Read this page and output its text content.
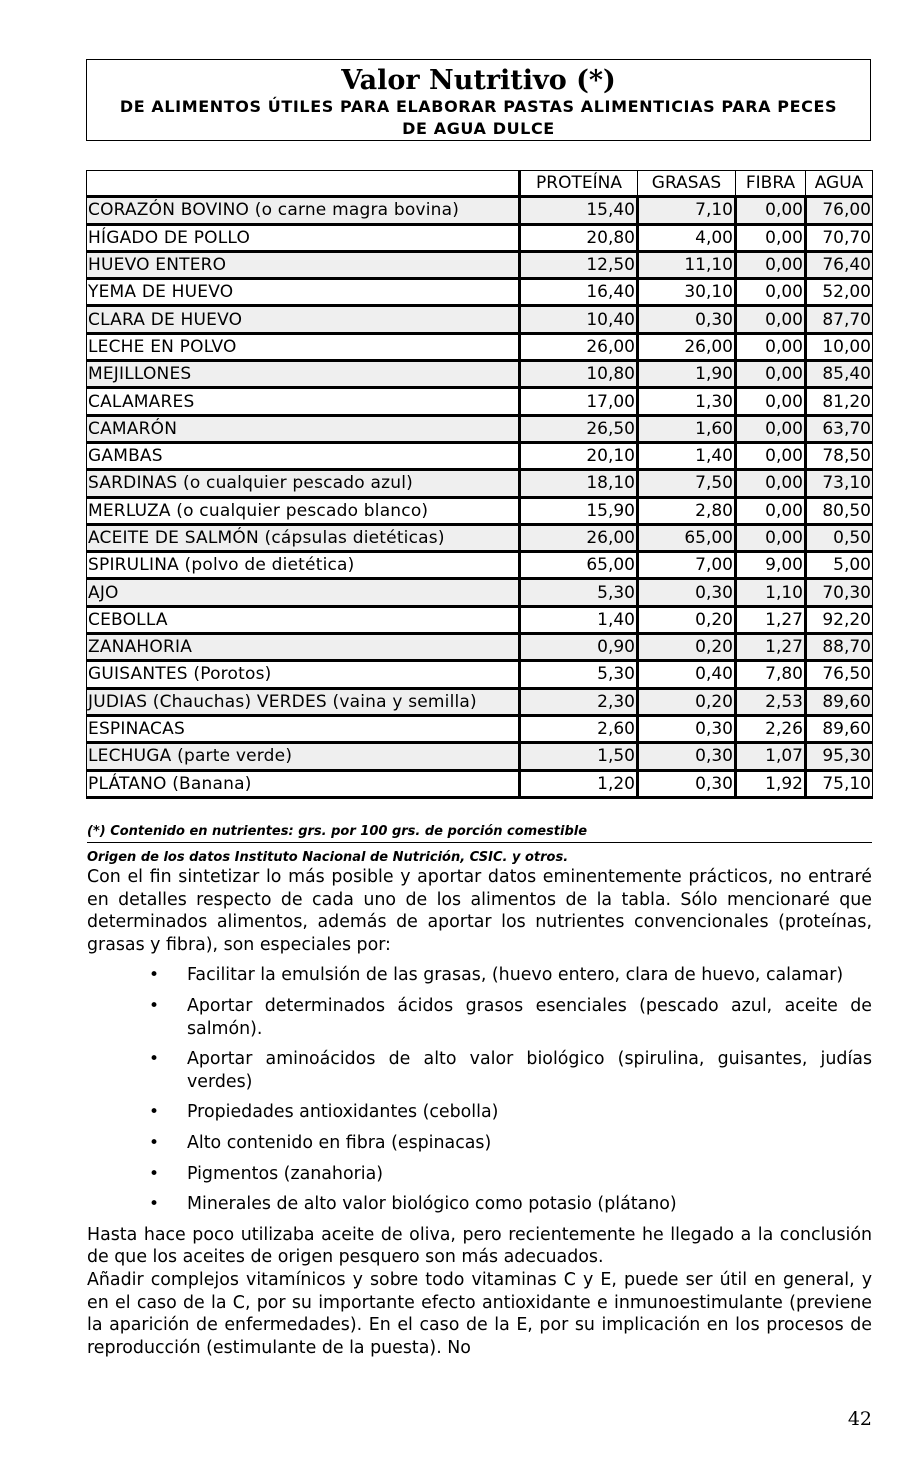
Valor Nutritivo (*)
DE ALIMENTOS ÚTILES PARA ELABORAR PASTAS ALIMENTICIAS PARA PECES DE AGUA DULCE
	PROTEÍNA	GRASAS	FIBRA	AGUA
CORAZÓN BOVINO (o carne magra bovina)	15,40	7,10	0,00	76,00
HÍGADO DE POLLO	20,80	4,00	0,00	70,70
HUEVO ENTERO	12,50	11,10	0,00	76,40
YEMA DE HUEVO	16,40	30,10	0,00	52,00
CLARA DE HUEVO	10,40	0,30	0,00	87,70
LECHE EN POLVO	26,00	26,00	0,00	10,00
MEJILLONES	10,80	1,90	0,00	85,40
CALAMARES	17,00	1,30	0,00	81,20
CAMARÓN	26,50	1,60	0,00	63,70
GAMBAS	20,10	1,40	0,00	78,50
SARDINAS (o cualquier pescado azul)	18,10	7,50	0,00	73,10
MERLUZA (o cualquier pescado blanco)	15,90	2,80	0,00	80,50
ACEITE DE SALMÓN (cápsulas dietéticas)	26,00	65,00	0,00	0,50
SPIRULINA (polvo de dietética)	65,00	7,00	9,00	5,00
AJO	5,30	0,30	1,10	70,30
CEBOLLA	1,40	0,20	1,27	92,20
ZANAHORIA	0,90	0,20	1,27	88,70
GUISANTES (Porotos)	5,30	0,40	7,80	76,50
JUDIAS (Chauchas) VERDES (vaina y semilla)	2,30	0,20	2,53	89,60
ESPINACAS	2,60	0,30	2,26	89,60
LECHUGA (parte verde)	1,50	0,30	1,07	95,30
PLÁTANO (Banana)	1,20	0,30	1,92	75,10
(*) Contenido en nutrientes: grs. por 100 grs. de porción comestible
Origen de los datos Instituto Nacional de Nutrición, CSIC. y otros.

Con el fin sintetizar lo más posible y aportar datos eminentemente prácticos, no entraré en detalles respecto de cada uno de los alimentos de la tabla. Sólo mencionaré que determinados alimentos, además de aportar los nutrientes convencionales (proteínas, grasas y fibra), son especiales por:

• Facilitar la emulsión de las grasas, (huevo entero, clara de huevo, calamar)
• Aportar determinados ácidos grasos esenciales (pescado azul, aceite de salmón).
• Aportar aminoácidos de alto valor biológico (spirulina, guisantes, judías verdes)
• Propiedades antioxidantes (cebolla)
• Alto contenido en fibra (espinacas)
• Pigmentos (zanahoria)
• Minerales de alto valor biológico como potasio (plátano)

Hasta hace poco utilizaba aceite de oliva, pero recientemente he llegado a la conclusión de que los aceites de origen pesquero son más adecuados.

Añadir complejos vitamínicos y sobre todo vitaminas C y E, puede ser útil en general, y en el caso de la C, por su importante efecto antioxidante e inmunoestimulante (previene la aparición de enfermedades). En el caso de la E, por su implicación en los procesos de reproducción (estimulante de la puesta). No

42
